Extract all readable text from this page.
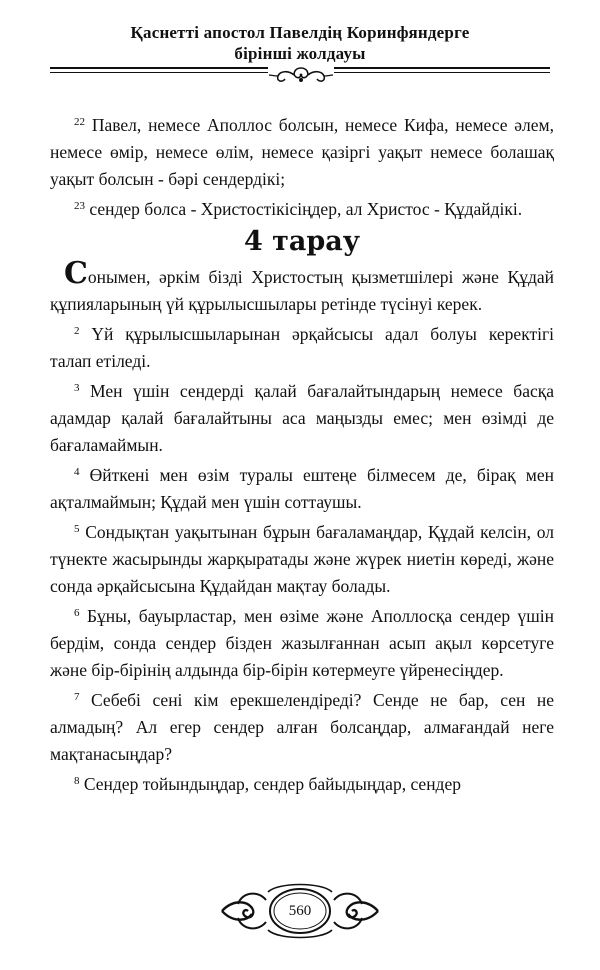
Қаснетті апостол Павелдің Коринфяндерге
бірінші жолдауы

$^{22}$ Павел, немесе Аполлос болсын, немесе Кифа, немесе әлем, немесе өмір, немесе өлім, немесе қазіргі уақыт немесе болашақ уақыт болсын - бәрі сендердікі;

$^{23}$ сендер болса - Христостікісіңдер, ал Христос - Құдайдікі.

4 тарау

Сонымен, әркім бізді Христостың қызметшілері және Құдай құпияларының үй құрылысшылары ретінде түсінуі керек.

$^2$ Үй құрылысшыларынан әрқайсысы адал болуы керектігі талап етіледі.

$^3$ Мен үшін сендерді қалай бағалайтындарың немесе басқа адамдар қалай бағалайтыны аса маңызды емес; мен өзімді де бағаламаймын.

$^4$ Өйткені мен өзім туралы ештеңе білмесем де, бірақ мен ақталмаймын; Құдай мен үшін соттаушы.

$^5$ Сондықтан уақытынан бұрын бағаламаңдар, Құдай келсін, ол түнекте жасырынды жарқыратады және жүрек ниетін көреді, және сонда әрқайсысына Құдайдан мақтау болады.

$^6$ Бұны, бауырластар, мен өзіме және Аполлосқа сендер үшін бердім, сонда сендер бізден жазылғаннан асып ақыл көрсетуге және бір-бірінің алдында бір-бірін көтермеуге үйренесіңдер.

$^7$ Себебі сені кім ерекшелендіреді? Сенде не бар, сен не алмадың? Ал егер сендер алған болсаңдар, алмағандай неге мақтанасыңдар?

$^8$ Сендер тойындыңдар, сендер байыдыңдар, сендер

560
